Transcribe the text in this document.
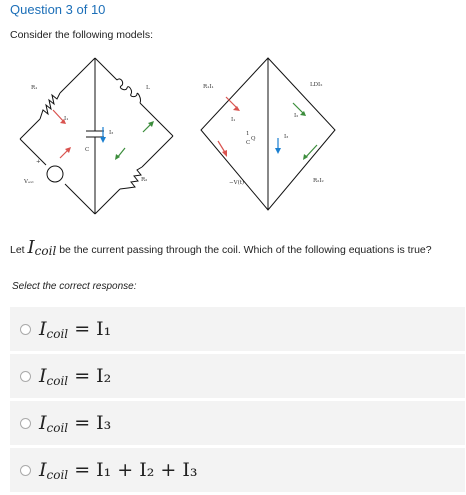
Question 3 of 10
Consider the following models:
R₁	L
I₁
C
I₃
R₂
Vₑₓₜ
+
R₁I₁	LDI₂
I₂
I₁
I₃
1
C
Q
−V(t)	R₂I₂
Let $I_{coil}$ be the current passing through the coil. Which of the following equations is true?
Select the correct response:
$I_{coil} = I_1$
$I_{coil} = I_2$
$I_{coil} = I_3$
$I_{coil} = I_1 + I_2 + I_3$
